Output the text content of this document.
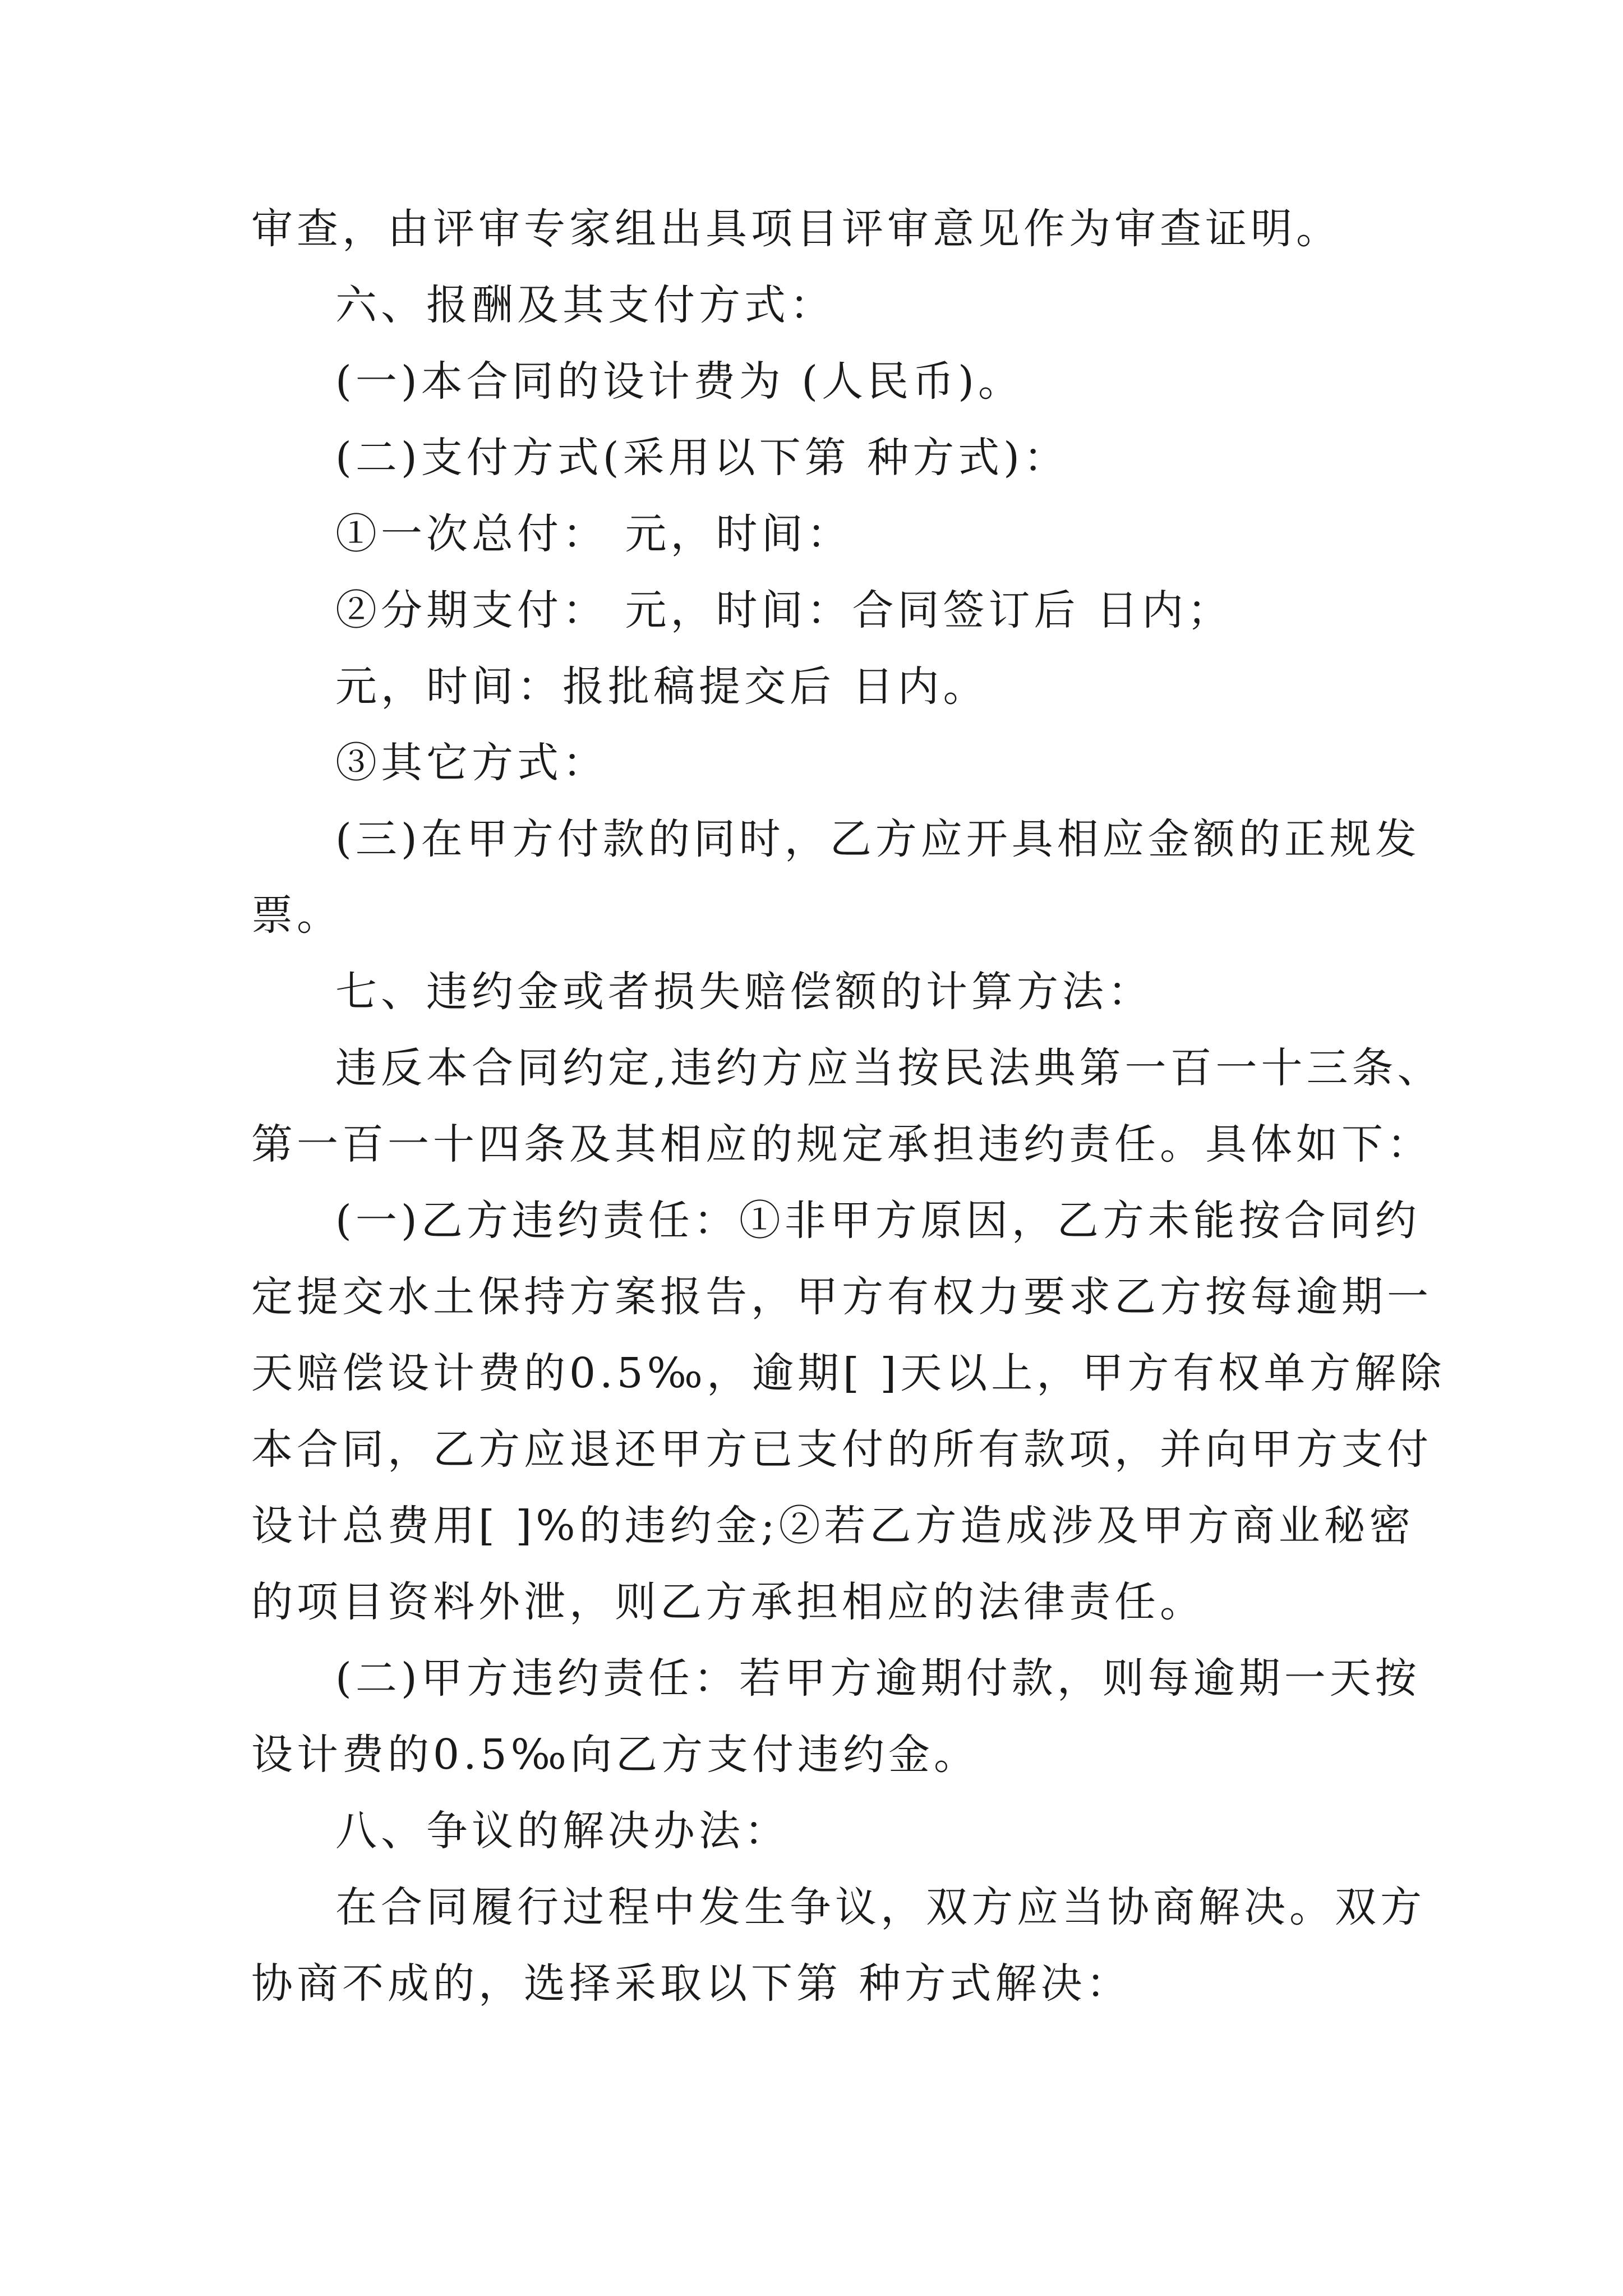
审查，由评审专家组出具项目评审意见作为审查证明。
六、报酬及其支付方式：
(一)本合同的设计费为 (人民币)。
(二)支付方式(采用以下第 种方式)：
①一次总付： 元，时间：
②分期支付： 元，时间：合同签订后 日内；
元，时间：报批稿提交后 日内。
③其它方式：
(三)在甲方付款的同时，乙方应开具相应金额的正规发
票。
七、违约金或者损失赔偿额的计算方法：
违反本合同约定,违约方应当按民法典第一百一十三条、
第一百一十四条及其相应的规定承担违约责任。具体如下：
(一)乙方违约责任：①非甲方原因，乙方未能按合同约
定提交水土保持方案报告，甲方有权力要求乙方按每逾期一
天赔偿设计费的0.5‰，逾期[ ]天以上，甲方有权单方解除
本合同，乙方应退还甲方已支付的所有款项，并向甲方支付
设计总费用[ ]%的违约金;②若乙方造成涉及甲方商业秘密
的项目资料外泄，则乙方承担相应的法律责任。
(二)甲方违约责任：若甲方逾期付款，则每逾期一天按
设计费的0.5‰向乙方支付违约金。
八、争议的解决办法：
在合同履行过程中发生争议，双方应当协商解决。双方
协商不成的，选择采取以下第 种方式解决：
